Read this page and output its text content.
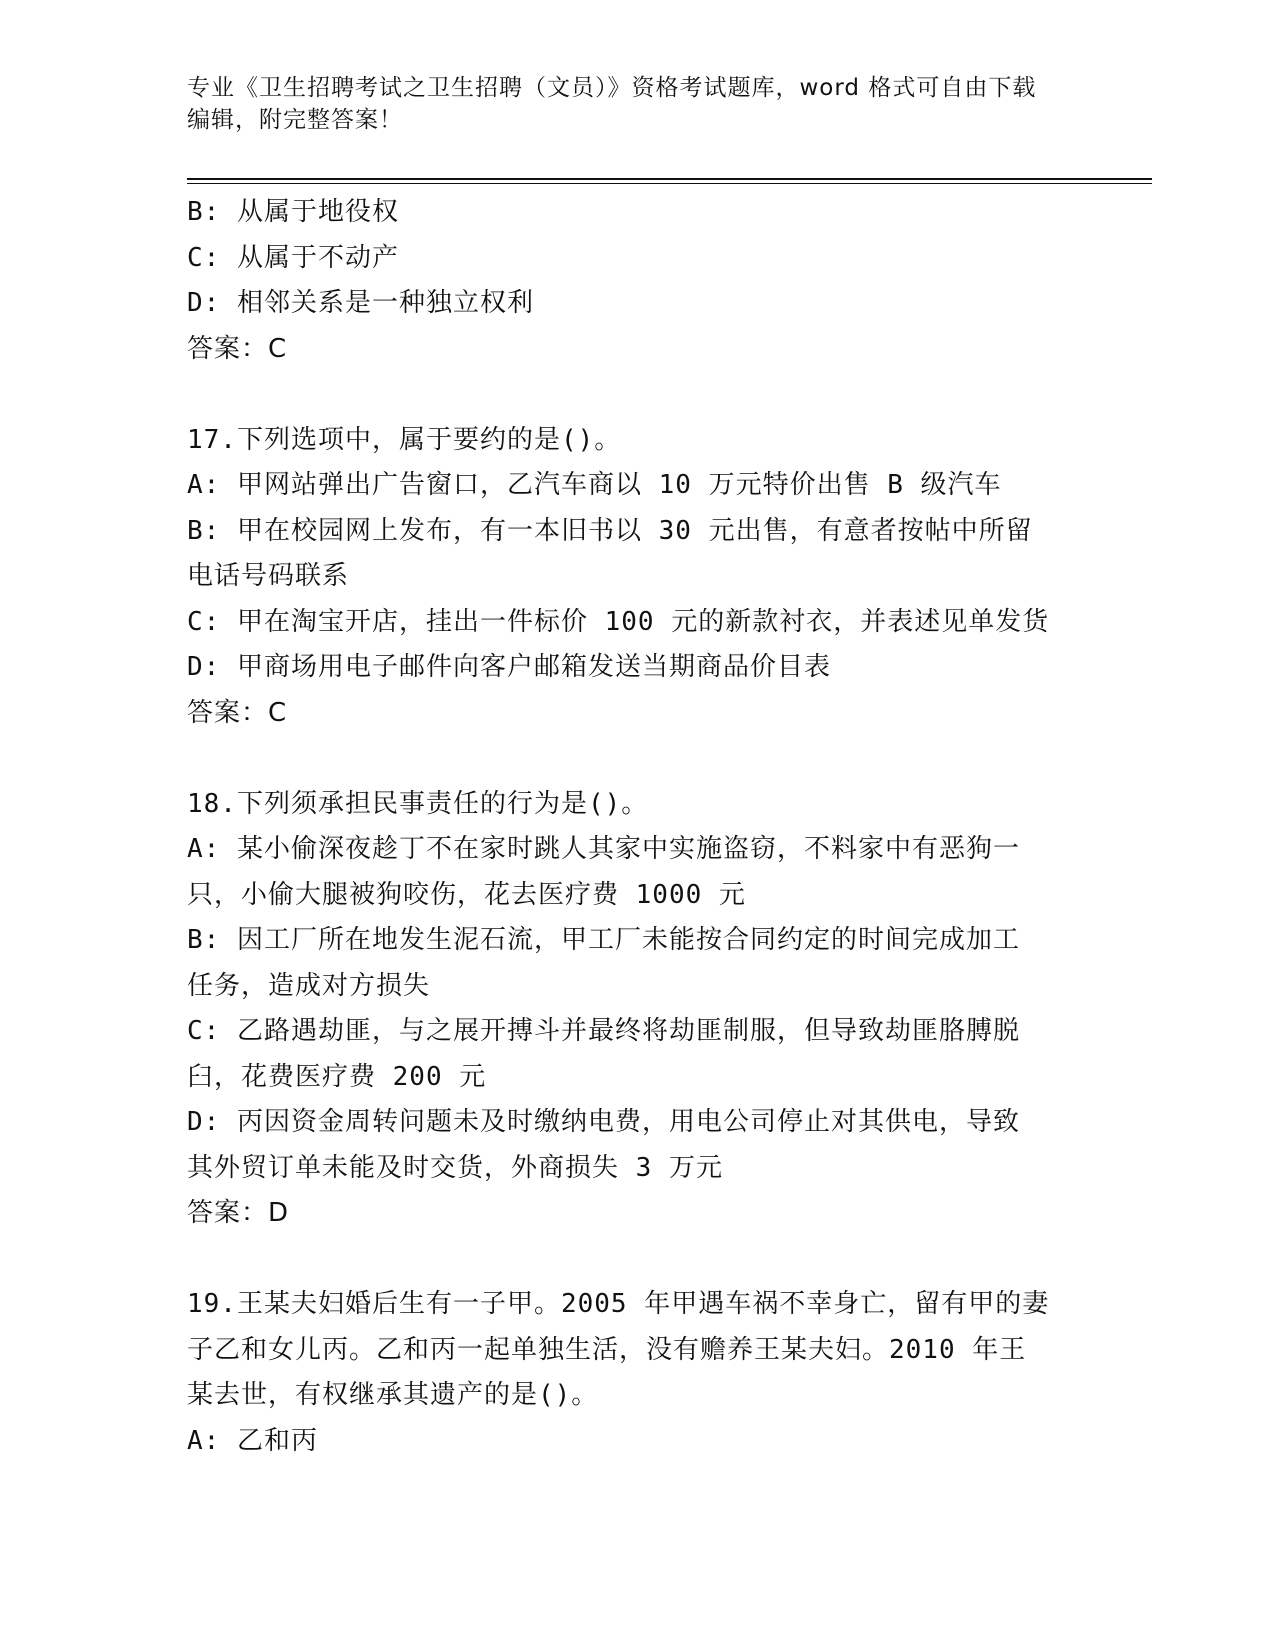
专业《卫生招聘考试之卫生招聘（文员）》资格考试题库，word 格式可自由下载
编辑，附完整答案！
B: 从属于地役权
C: 从属于不动产
D: 相邻关系是一种独立权利
答案：C
17.下列选项中，属于要约的是()。
A: 甲网站弹出广告窗口，乙汽车商以 10 万元特价出售 B 级汽车
B: 甲在校园网上发布，有一本旧书以 30 元出售，有意者按帖中所留
电话号码联系
C: 甲在淘宝开店，挂出一件标价 100 元的新款衬衣，并表述见单发货
D: 甲商场用电子邮件向客户邮箱发送当期商品价目表
答案：C
18.下列须承担民事责任的行为是()。
A: 某小偷深夜趁丁不在家时跳人其家中实施盗窃，不料家中有恶狗一
只，小偷大腿被狗咬伤，花去医疗费 1000 元
B: 因工厂所在地发生泥石流，甲工厂未能按合同约定的时间完成加工
任务，造成对方损失
C: 乙路遇劫匪，与之展开搏斗并最终将劫匪制服，但导致劫匪胳膊脱
臼，花费医疗费 200 元
D: 丙因资金周转问题未及时缴纳电费，用电公司停止对其供电，导致
其外贸订单未能及时交货，外商损失 3 万元
答案：D
19.王某夫妇婚后生有一子甲。2005 年甲遇车祸不幸身亡，留有甲的妻
子乙和女儿丙。乙和丙一起单独生活，没有赡养王某夫妇。2010 年王
某去世，有权继承其遗产的是()。
A: 乙和丙
